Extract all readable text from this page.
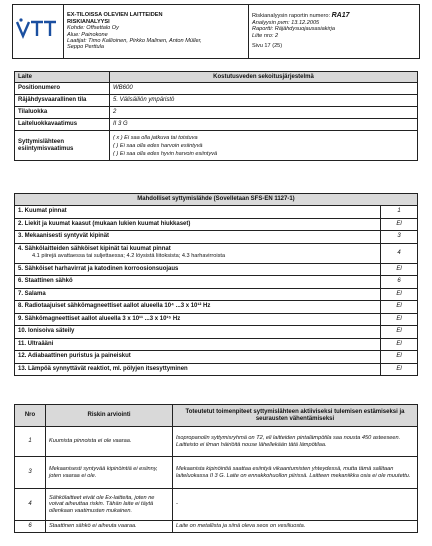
EX-TILOISSA OLEVIEN LAITTEIDEN
RISKIANALYYSI
Kohde: Offsettalo Oy
Alue: Painokone
Laatijat: Timo Kallioinen, Pirkko Malinen, Anton Müller,
Seppo Perttula

Riskianalyysin raportin numero: RA17
Analyysin pvm: 13.12.2005
Raportti: Räjähdysuojausasiakirja
Liite nro: 2
Sivu 17 (25)
Laite	Kostutusveden sekoitusjärjestelmä
Positionumero	WB600
Räjähdysvaarallinen tila	5. Välisäiliön ympäristö
Tilaluokka	2
Laiteluokkavaatimus	II 3 G
Syttymislähteen esiintymisvaatimus	( x ) Ei saa olla jatkuva tai toistuva
( ) Ei saa olla edes harvoin esiintyvä
( ) Ei saa olla edes hyvin harvoin esiintyvä
Mahdolliset syttymislähde (Sovelletaan SFS-EN 1127-1)	
1. Kuumat pinnat	1
2. Liekit ja kuumat kaasut (mukaan lukien kuumat hiukkaset)	El
3. Mekaanisesti syntyvät kipinät	3

4. Sähkölaitteiden sähköiset kipinät tai kuumat pinnat
4.1 piirejä avattaessa tai suljettaessa; 4.2 löysistä liitoksista; 4.3 harhavirroista	4
5. Sähköiset harhavirrat ja katodinen korroosionsuojaus	El
6. Staattinen sähkö	6
7. Salama	El
8. Radiotaajuiset sähkömagneettiset aallot alueella 10⁴ ...3 x 10¹² Hz	El
9. Sähkömagneettiset aallot alueella 3 x 10¹¹ ...3 x 10¹⁵ Hz	El
10. Ionisoiva säteily	El
11. Ultraääni	El
12. Adiabaattinen puristus ja paineiskut	El
13. Lämpöä synnyttävät reaktiot, ml. pölyjen itsesyttyminen	El
Nro	Riskin arviointi	Toteutetut toimenpiteet syttymislähteen aktiiviseksi tulemisen estämiseksi ja seurausten vähentämiseksi
1	Kuumista pinnoista ei ole vaaraa.	Isopropanolin syttymisryhmä on T2, eli laitteiden pintalämpötila saa nousta 450 asteeseen. Laitteisto ei ilman häiriöitä nouse lähellekään tätä lämpötilaa.
3	Mekaanisesti syntyvää kipinöintiä ei esiinny, joten vaaraa ei ole.	Mekaanista kipinöintiä saattaa esiintyä vikaantumisten yhteydessä, mutta tämä sallitaan laiteluokassa II 3 G. Laite on ennakkohuollon piirissä. Laitteen mekaniikka osia ei ole muutettu.
4	Sähkölaitteet eivät ole Ex-laitteita, joten ne voivat aiheuttaa riskin. Tähän laite ei täytä ollenkaan vaatimusten mukainen.	-
6	Staattinen sähkö ei aiheuta vaaraa.	Laite on metallista ja siinä oleva seos on vesiliuosta.
